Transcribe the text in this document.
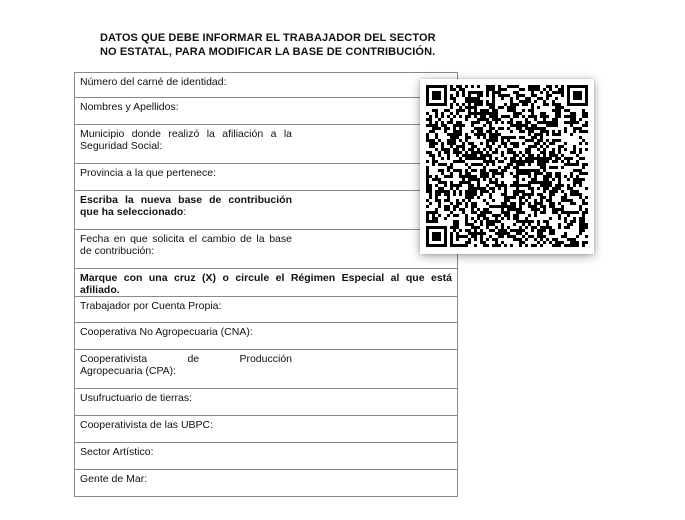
DATOS QUE DEBE INFORMAR EL TRABAJADOR DEL SECTOR
NO ESTATAL, PARA MODIFICAR LA BASE DE CONTRIBUCIÓN.
Número del carné de identidad:
Nombres y Apellidos:
Municipio donde realizó la afiliación a la Seguridad Social:
Provincia a la que pertenece:
Escriba la nueva base de contribución que ha seleccionado:
Fecha en que solicita el cambio de la base de contribución:
Marque con una cruz (X) o circule el Régimen Especial al que está afiliado.
Trabajador por Cuenta Propia:
Cooperativa No Agropecuaria (CNA):
Cooperativista	de	Producción
Agropecuaria (CPA):
Usufructuario de tierras:
Cooperativista de las UBPC:
Sector Artístico:
Gente de Mar:
